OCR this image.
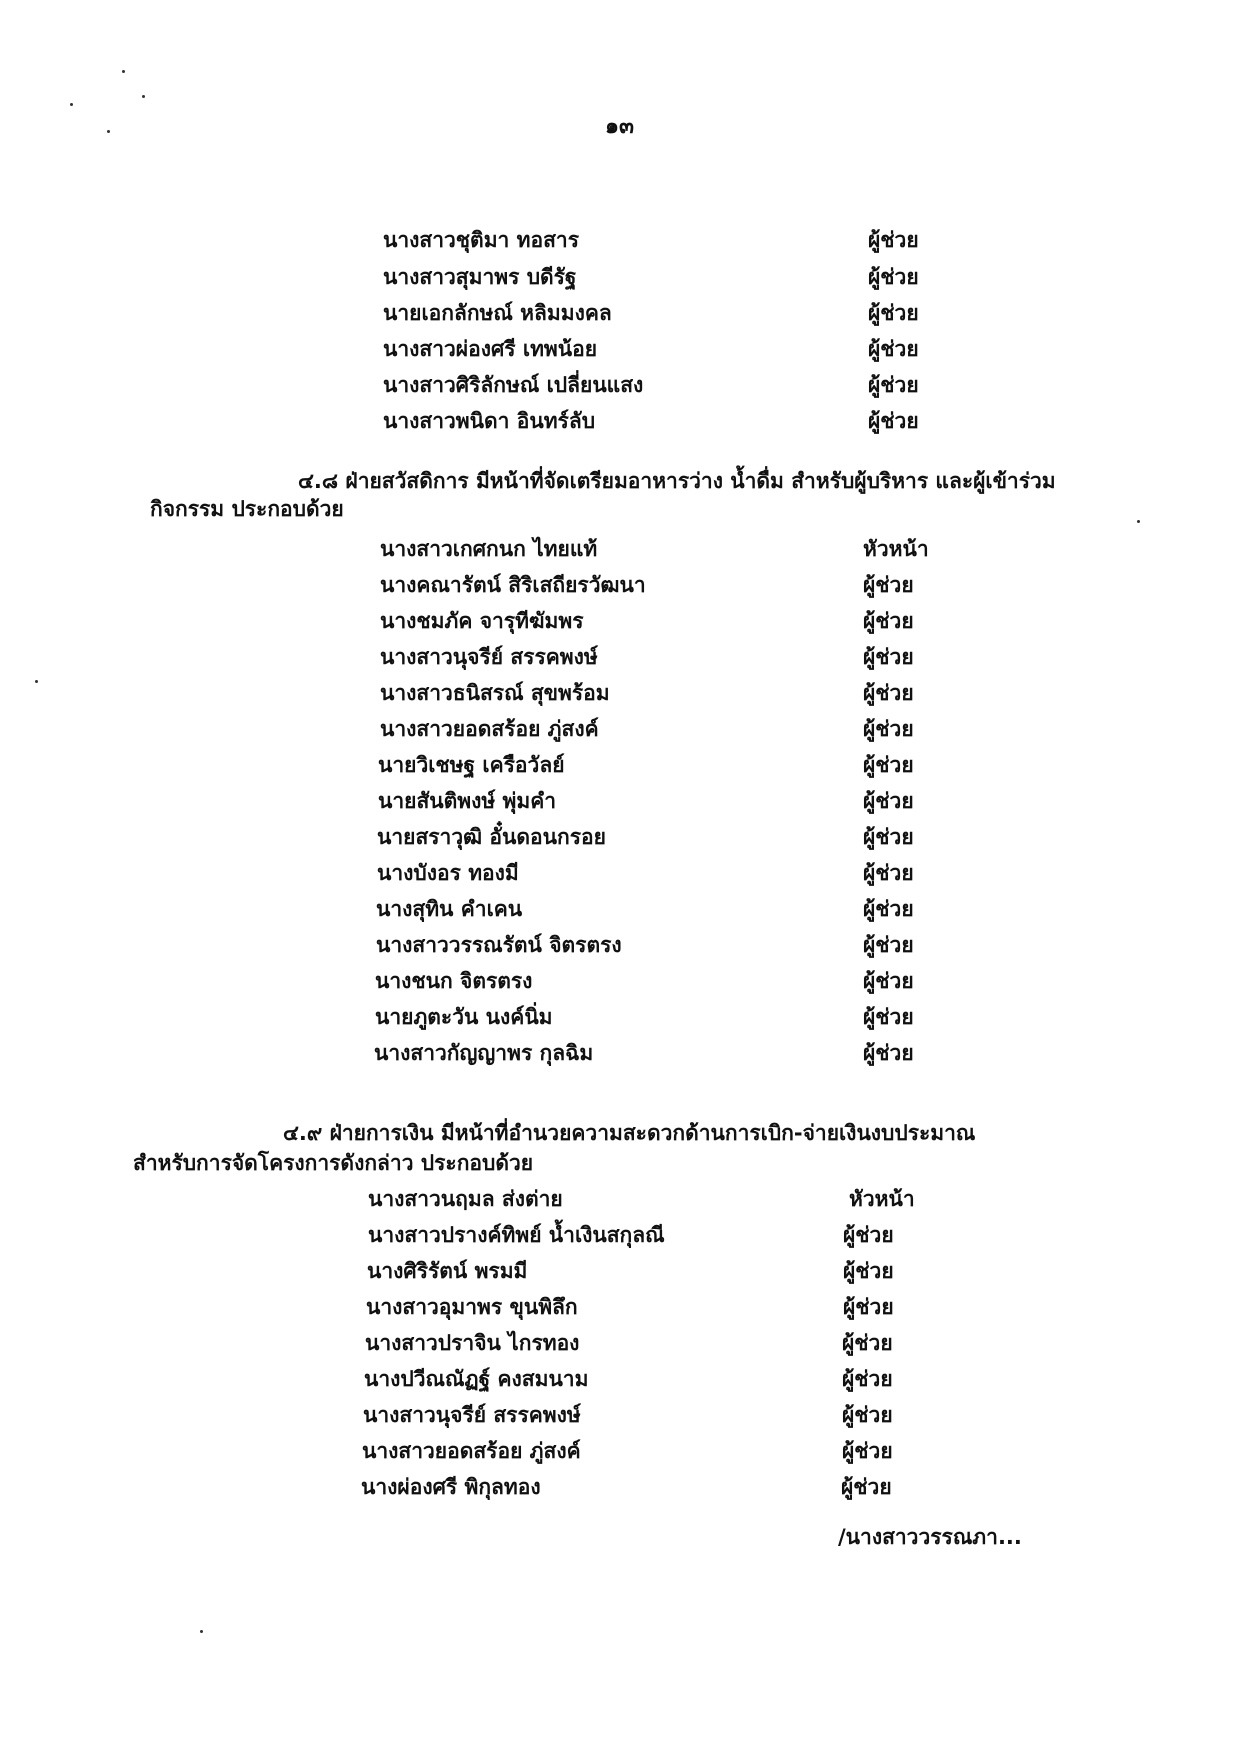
๑๓
นางสาวชุติมา ทอสาร	ผู้ช่วย
นางสาวสุมาพร บดีรัฐ	ผู้ช่วย
นายเอกลักษณ์ หลิมมงคล	ผู้ช่วย
นางสาวผ่องศรี เทพน้อย	ผู้ช่วย
นางสาวศิริลักษณ์ เปลี่ยนแสง	ผู้ช่วย
นางสาวพนิดา อินทร์ลับ	ผู้ช่วย
๔.๘ ฝ่ายสวัสดิการ มีหน้าที่จัดเตรียมอาหารว่าง น้ำดื่ม สำหรับผู้บริหาร และผู้เข้าร่วม
กิจกรรม ประกอบด้วย
นางสาวเกศกนก ไทยแท้	หัวหน้า
นางคณารัตน์ สิริเสถียรวัฒนา	ผู้ช่วย
นางชมภัค จารุทีฆัมพร	ผู้ช่วย
นางสาวนุจรีย์ สรรคพงษ์	ผู้ช่วย
นางสาวธนิสรณ์ สุขพร้อม	ผู้ช่วย
นางสาวยอดสร้อย ภู่สงค์	ผู้ช่วย
นายวิเชษฐ เครือวัลย์	ผู้ช่วย
นายสันติพงษ์ พุ่มคำ	ผู้ช่วย
นายสราวุฒิ อั๋นดอนกรอย	ผู้ช่วย
นางบังอร ทองมี	ผู้ช่วย
นางสุทิน คำเคน	ผู้ช่วย
นางสาววรรณรัตน์ จิตรตรง	ผู้ช่วย
นางชนก จิตรตรง	ผู้ช่วย
นายภูตะวัน นงค์นิ่ม	ผู้ช่วย
นางสาวกัญญาพร กุลฉิม	ผู้ช่วย
๔.๙ ฝ่ายการเงิน มีหน้าที่อำนวยความสะดวกด้านการเบิก-จ่ายเงินงบประมาณ
สำหรับการจัดโครงการดังกล่าว ประกอบด้วย
นางสาวนฤมล ส่งต่าย	หัวหน้า
นางสาวปรางค์ทิพย์ น้ำเงินสกุลณี	ผู้ช่วย
นางศิริรัตน์ พรมมี	ผู้ช่วย
นางสาวอุมาพร ขุนพิลึก	ผู้ช่วย
นางสาวปราจิน ไกรทอง	ผู้ช่วย
นางปวีณณัฏฐ์ คงสมนาม	ผู้ช่วย
นางสาวนุจรีย์ สรรคพงษ์	ผู้ช่วย
นางสาวยอดสร้อย ภู่สงค์	ผู้ช่วย
นางผ่องศรี พิกุลทอง	ผู้ช่วย
/นางสาววรรณภา...
